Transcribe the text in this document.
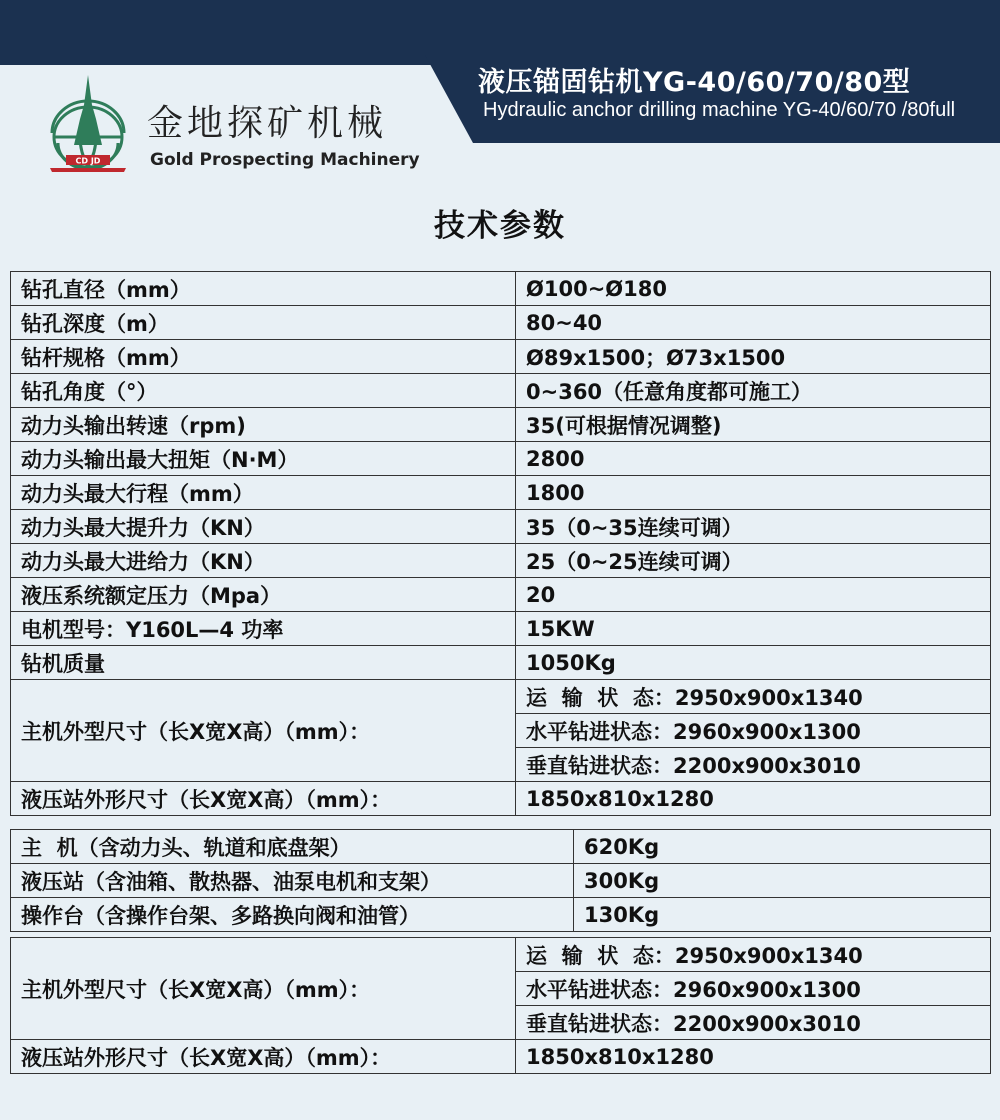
液压锚固钻机YG-40/60/70/80型
Hydraulic anchor drilling machine YG-40/60/70 /80full
CD JD
金地探矿机械
Gold Prospecting Machinery
技术参数
钻孔直径（mm）	Ø100~Ø180
钻孔深度（m）	80~40
钻杆规格（mm）	Ø89x1500；Ø73x1500
钻孔角度（°）	0~360（任意角度都可施工）
动力头输出转速（rpm)	35(可根据情况调整)
动力头输出最大扭矩（N·M）	2800
动力头最大行程（mm）	1800
动力头最大提升力（KN）	35（0~35连续可调）
动力头最大进给力（KN）	25（0~25连续可调）
液压系统额定压力（Mpa）	20
电机型号：Y160L—4 功率	15KW
钻机质量	1050Kg
主机外型尺寸（长X宽X高）（mm）：	运  输  状  态：2950x900x1340
	水平钻进状态：2960x900x1300
	垂直钻进状态：2200x900x3010
液压站外形尺寸（长X宽X高）（mm）：	1850x810x1280
主  机（含动力头、轨道和底盘架）	620Kg
液压站（含油箱、散热器、油泵电机和支架）	300Kg
操作台（含操作台架、多路换向阀和油管）	130Kg
主机外型尺寸（长X宽X高）（mm）：	运  输  状  态：2950x900x1340
	水平钻进状态：2960x900x1300
	垂直钻进状态：2200x900x3010
液压站外形尺寸（长X宽X高）（mm）：	1850x810x1280
